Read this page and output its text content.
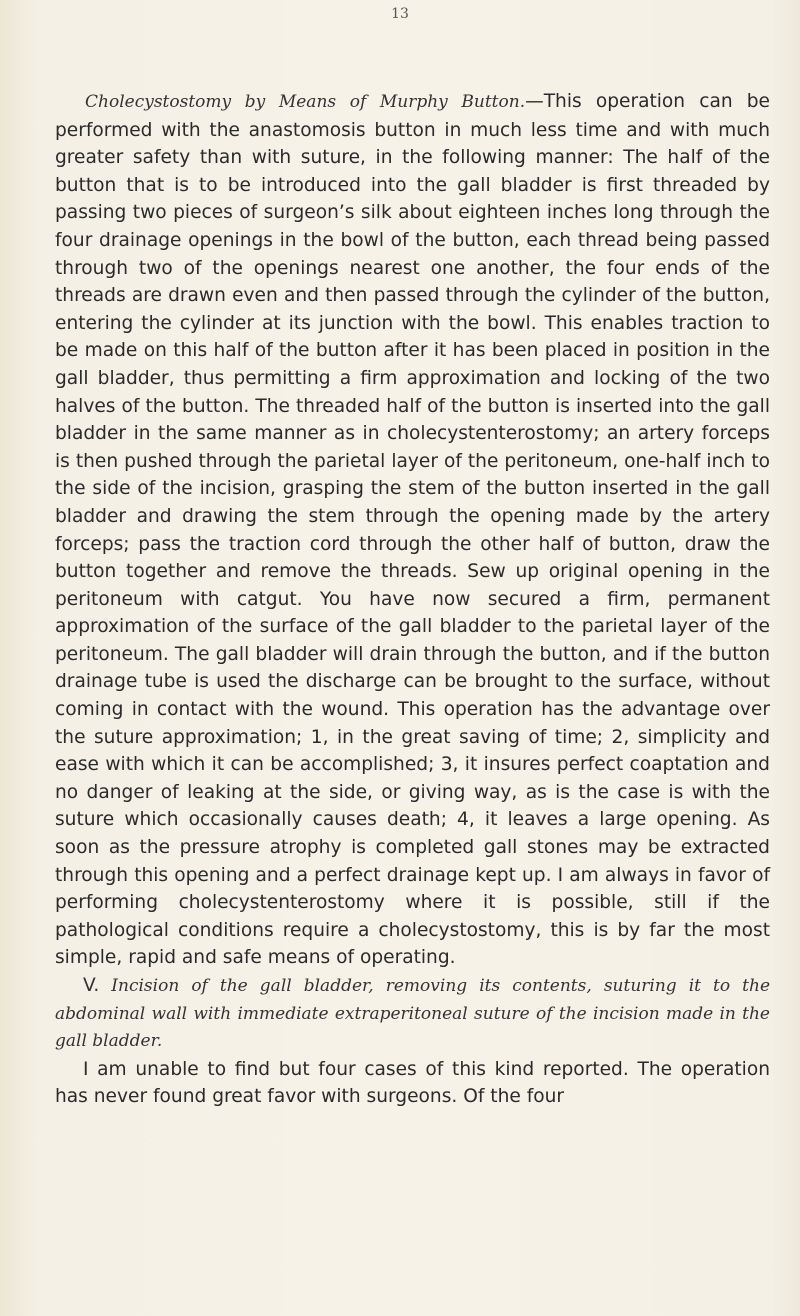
13

Cholecystostomy by Means of Murphy Button.—This operation can be performed with the anastomosis button in much less time and with much greater safety than with suture, in the following manner: The half of the button that is to be introduced into the gall bladder is first threaded by passing two pieces of surgeon’s silk about eighteen inches long through the four drainage openings in the bowl of the button, each thread being passed through two of the openings nearest one another, the four ends of the threads are drawn even and then passed through the cylinder of the button, entering the cylinder at its junction with the bowl. This enables traction to be made on this half of the button after it has been placed in position in the gall bladder, thus permitting a firm approximation and locking of the two halves of the button. The threaded half of the button is inserted into the gall bladder in the same manner as in cholecystenterostomy; an artery forceps is then pushed through the parietal layer of the peritoneum, one-half inch to the side of the incision, grasping the stem of the button inserted in the gall bladder and drawing the stem through the opening made by the artery forceps; pass the traction cord through the other half of button, draw the button together and remove the threads. Sew up original opening in the peritoneum with catgut. You have now secured a firm, permanent approximation of the surface of the gall bladder to the parietal layer of the peritoneum. The gall bladder will drain through the button, and if the button drainage tube is used the discharge can be brought to the surface, without coming in contact with the wound. This operation has the advantage over the suture approximation; 1, in the great saving of time; 2, simplicity and ease with which it can be accomplished; 3, it insures perfect coaptation and no danger of leaking at the side, or giving way, as is the case is with the suture which occasionally causes death; 4, it leaves a large opening. As soon as the pressure atrophy is completed gall stones may be extracted through this opening and a perfect drainage kept up. I am always in favor of performing cholecystenterostomy where it is possible, still if the pathological conditions require a cholecystostomy, this is by far the most simple, rapid and safe means of operating.

V. Incision of the gall bladder, removing its contents, suturing it to the abdominal wall with immediate extraperitoneal suture of the incision made in the gall bladder.

I am unable to find but four cases of this kind reported. The operation has never found great favor with surgeons. Of the four
